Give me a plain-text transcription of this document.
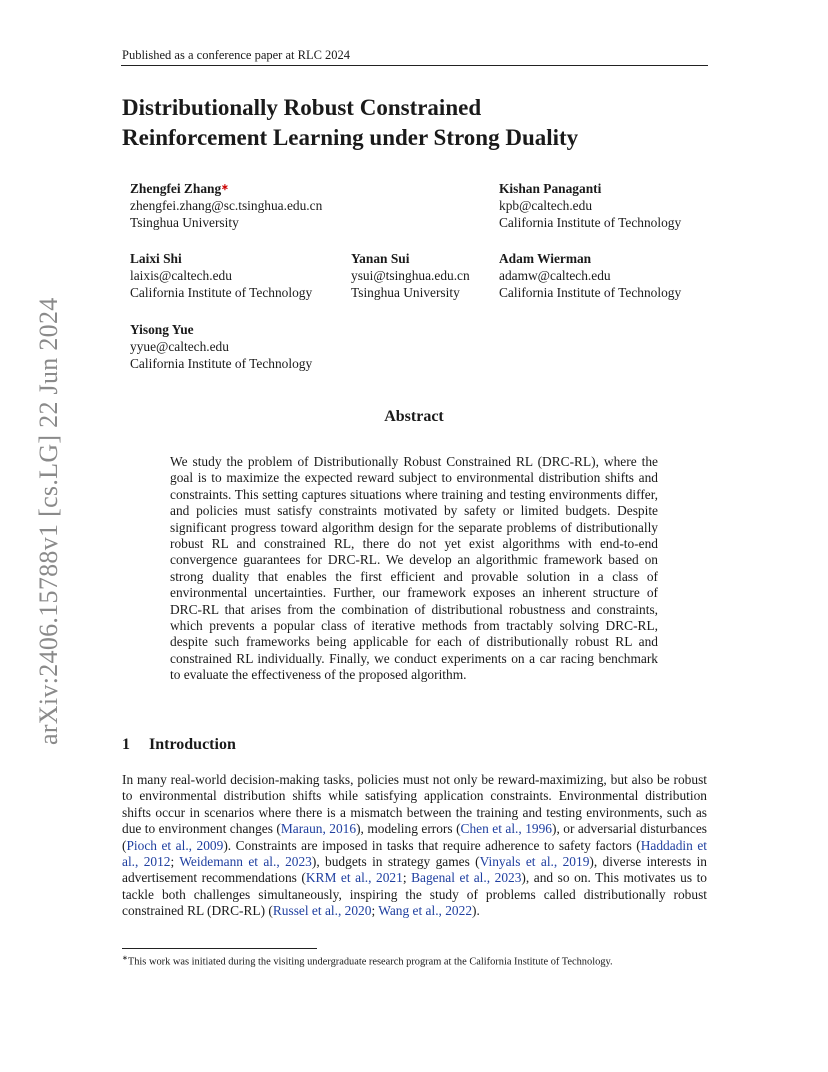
Published as a conference paper at RLC 2024
Distributionally Robust Constrained
Reinforcement Learning under Strong Duality
Zhengfei Zhang∗
zhengfei.zhang@sc.tsinghua.edu.cn
Tsinghua University
Kishan Panaganti
kpb@caltech.edu
California Institute of Technology
Laixi Shi
laixis@caltech.edu
California Institute of Technology
Yanan Sui
ysui@tsinghua.edu.cn
Tsinghua University
Adam Wierman
adamw@caltech.edu
California Institute of Technology
Yisong Yue
yyue@caltech.edu
California Institute of Technology
Abstract
We study the problem of Distributionally Robust Constrained RL (DRC-RL), where the goal is to maximize the expected reward subject to environmental distribution shifts and constraints. This setting captures situations where training and testing environments differ, and policies must satisfy constraints motivated by safety or limited budgets. Despite significant progress toward algorithm design for the separate problems of distributionally robust RL and constrained RL, there do not yet exist algorithms with end-to-end convergence guarantees for DRC-RL. We develop an algorithmic framework based on strong duality that enables the first efficient and provable solution in a class of environmental uncertainties. Further, our framework exposes an inherent structure of DRC-RL that arises from the combination of distributional robustness and constraints, which prevents a popular class of iterative methods from tractably solving DRC-RL, despite such frameworks being applicable for each of distributionally robust RL and constrained RL individually. Finally, we conduct experiments on a car racing benchmark to evaluate the effectiveness of the proposed algorithm.
1 Introduction
In many real-world decision-making tasks, policies must not only be reward-maximizing, but also be robust to environmental distribution shifts while satisfying application constraints. Environmental distribution shifts occur in scenarios where there is a mismatch between the training and testing environments, such as due to environment changes (Maraun, 2016), modeling errors (Chen et al., 1996), or adversarial disturbances (Pioch et al., 2009). Constraints are imposed in tasks that require adherence to safety factors (Haddadin et al., 2012; Weidemann et al., 2023), budgets in strategy games (Vinyals et al., 2019), diverse interests in advertisement recommendations (KRM et al., 2021; Bagenal et al., 2023), and so on. This motivates us to tackle both challenges simultaneously, inspiring the study of problems called distributionally robust constrained RL (DRC-RL) (Russel et al., 2020; Wang et al., 2022).
∗This work was initiated during the visiting undergraduate research program at the California Institute of Technology.
arXiv:2406.15788v1 [cs.LG] 22 Jun 2024
